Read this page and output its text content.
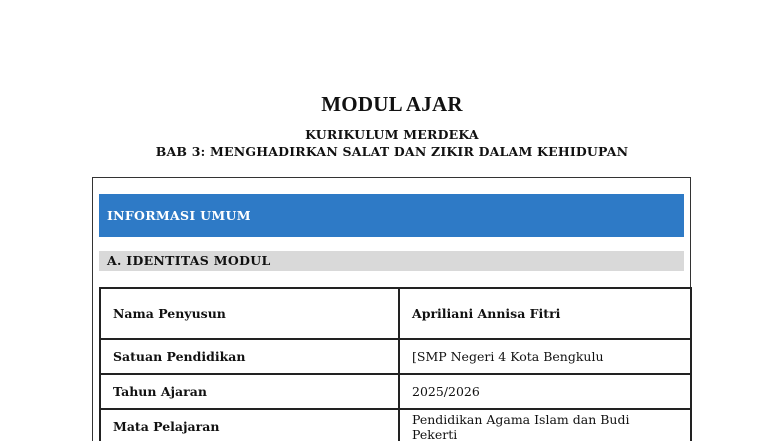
MODUL AJAR
KURIKULUM MERDEKA
BAB 3: MENGHADIRKAN SALAT DAN ZIKIR DALAM KEHIDUPAN
INFORMASI UMUM
A. IDENTITAS MODUL
Nama Penyusun	Apriliani Annisa Fitri
Satuan Pendidikan	[SMP Negeri 4 Kota Bengkulu
Tahun Ajaran	2025/2026
Mata Pelajaran	Pendidikan Agama Islam dan Budi Pekerti
